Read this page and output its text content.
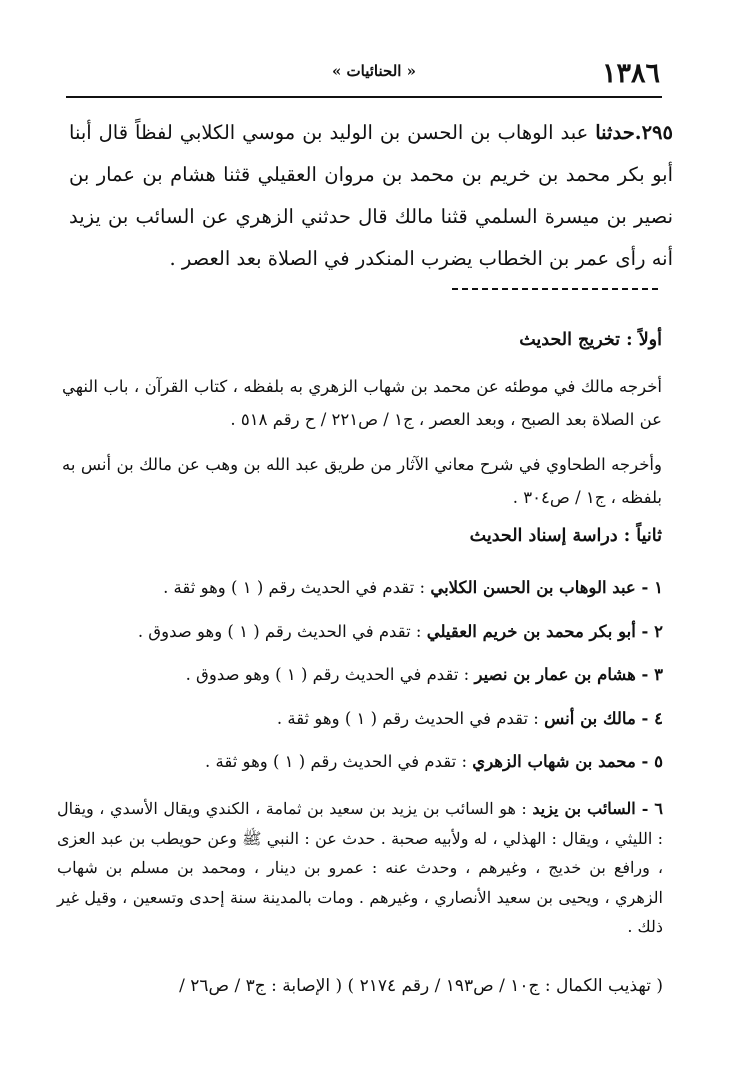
١٣٨٦
« الحنائيات »
٢٩٥.حدثنا عبد الوهاب بن الحسن بن الوليد بن موسي الكلابي لفظاً قال أبنا أبو بكر محمد بن خريم بن محمد بن مروان العقيلي قثنا هشام بن عمار بن نصير بن ميسرة السلمي قثنا مالك قال حدثني الزهري عن السائب بن يزيد أنه رأى عمر بن الخطاب يضرب المنكدر في الصلاة بعد العصر .
أولاً : تخريج الحديث
أخرجه مالك في موطئه عن محمد بن شهاب الزهري به بلفظه ، كتاب القرآن ، باب النهي عن الصلاة بعد الصبح ، وبعد العصر ، ج١ / ص٢٢١ / ح رقم ٥١٨ .
وأخرجه الطحاوي في شرح معاني الآثار من طريق عبد الله بن وهب عن مالك بن أنس به بلفظه ، ج١ / ص٣٠٤ .
ثانياً : دراسة إسناد الحديث
١ - عبد الوهاب بن الحسن الكلابي : تقدم في الحديث رقم ( ١ ) وهو ثقة .
٢ - أبو بكر محمد بن خريم العقيلي : تقدم في الحديث رقم ( ١ ) وهو صدوق .
٣ - هشام بن عمار بن نصير : تقدم في الحديث رقم ( ١ ) وهو صدوق .
٤ - مالك بن أنس : تقدم في الحديث رقم ( ١ ) وهو ثقة .
٥ - محمد بن شهاب الزهري : تقدم في الحديث رقم ( ١ ) وهو ثقة .
٦ - السائب بن يزيد : هو السائب بن يزيد بن سعيد بن ثمامة ، الكندي ويقال الأسدي ، ويقال : الليثي ، ويقال : الهذلي ، له ولأبيه صحبة . حدث عن : النبي ﷺ وعن حويطب بن عبد العزى ، ورافع بن خديج ، وغيرهم ، وحدث عنه : عمرو بن دينار ، ومحمد بن مسلم بن شهاب الزهري ، ويحيى بن سعيد الأنصاري ، وغيرهم . ومات بالمدينة سنة إحدى وتسعين ، وقيل غير ذلك .
( تهذيب الكمال : ج١٠ / ص١٩٣ / رقم ٢١٧٤ ) ( الإصابة : ج٣ / ص٢٦ /
